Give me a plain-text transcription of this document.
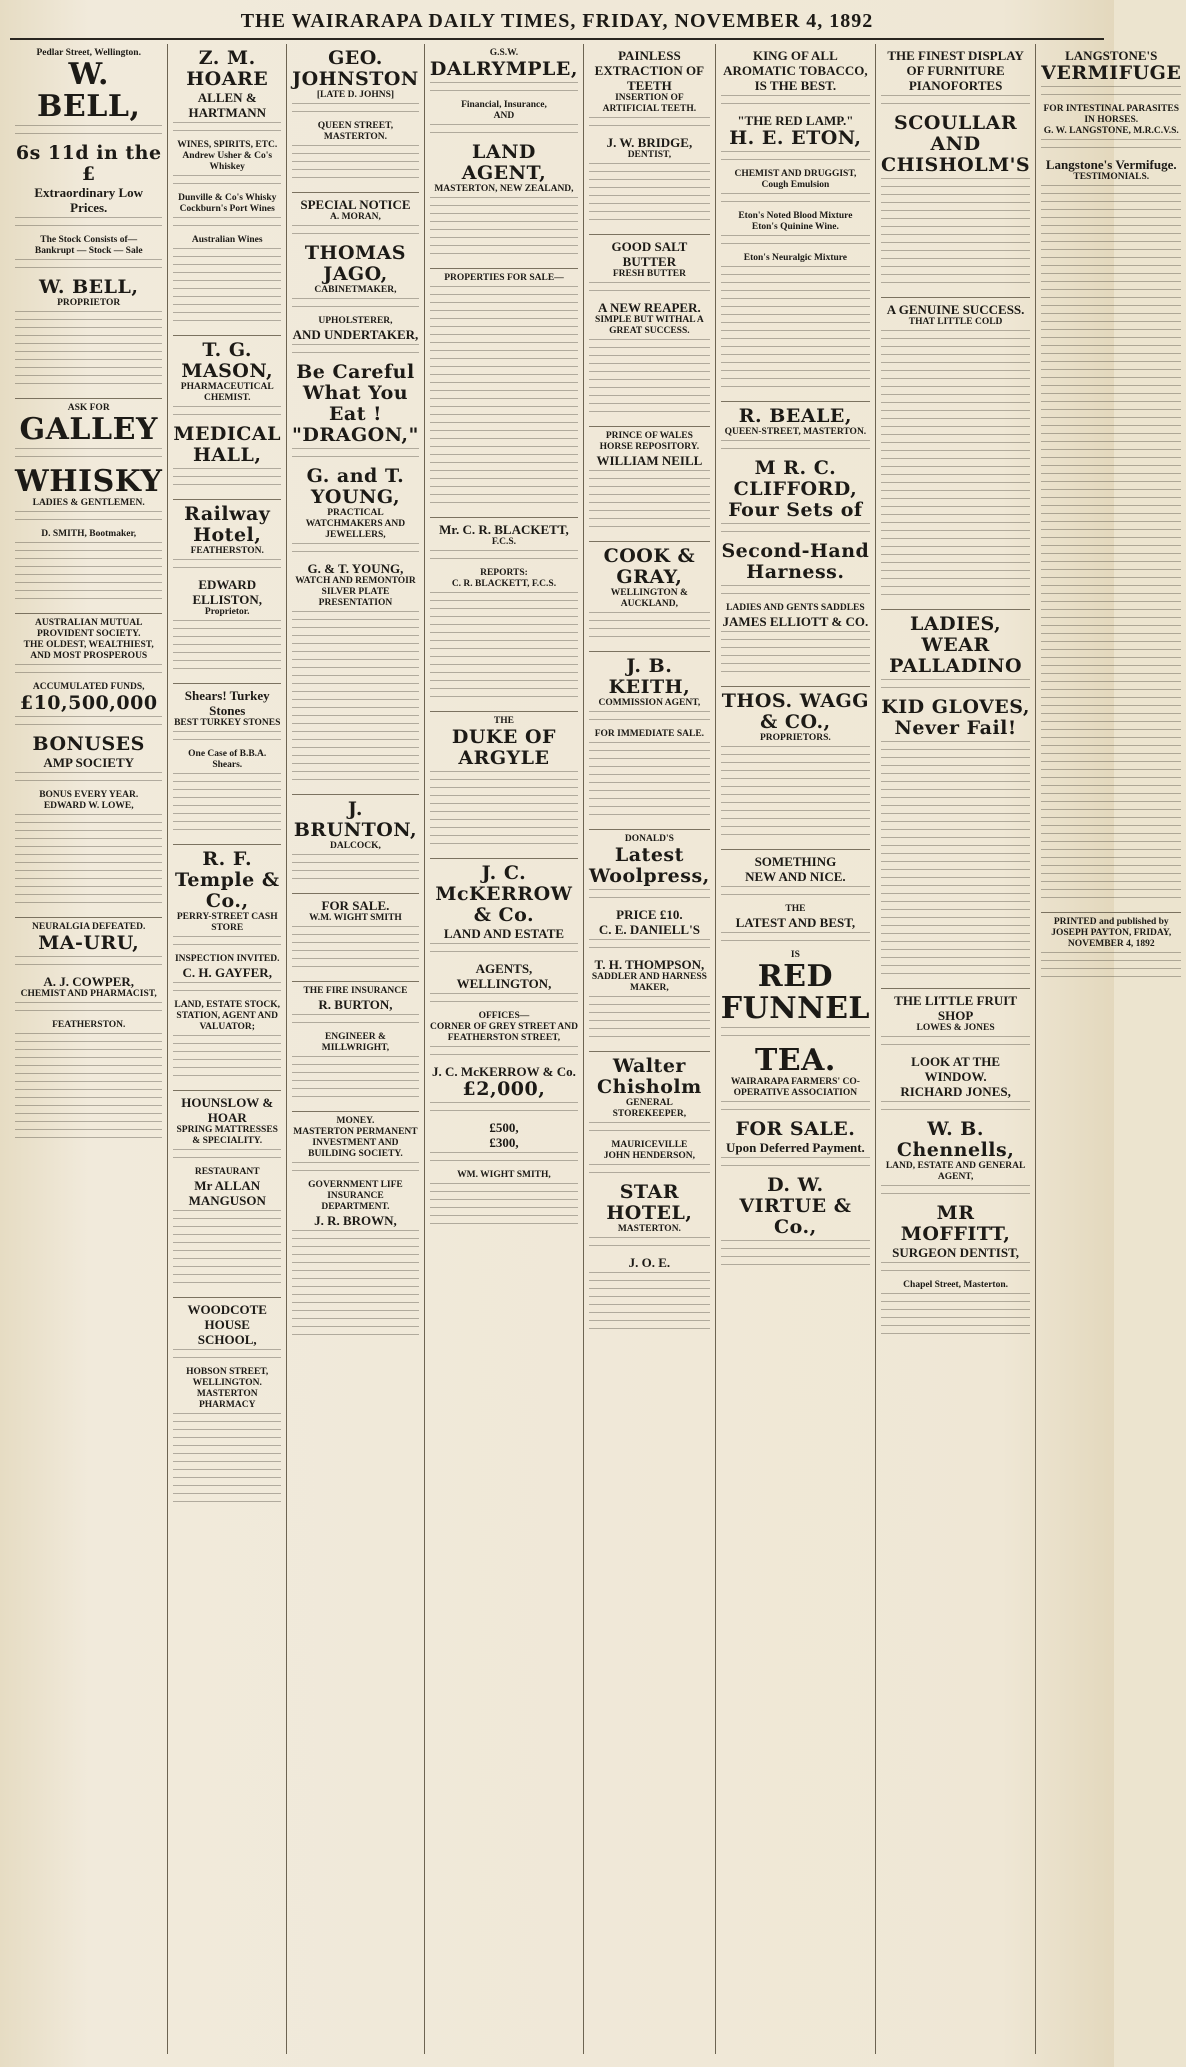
THE WAIRARAPA DAILY TIMES, FRIDAY, NOVEMBER 4, 1892
Pedlar Street, Wellington.
W. BELL,
6s 11d in the £
Extraordinary Low Prices.
The Stock Consists of—
Bankrupt — Stock — Sale
W. BELL,
PROPRIETOR
ASK FOR
GALLEY
WHISKY
LADIES & GENTLEMEN.
D. SMITH, Bootmaker,
AUSTRALIAN MUTUAL PROVIDENT SOCIETY.
THE OLDEST, WEALTHIEST, AND MOST PROSPEROUS
ACCUMULATED FUNDS,
£10,500,000
BONUSES
AMP SOCIETY
BONUS EVERY YEAR.
EDWARD W. LOWE,
NEURALGIA DEFEATED.
MA-URU,
A. J. COWPER,
CHEMIST AND PHARMACIST,
FEATHERSTON.
Z. M. HOARE
ALLEN & HARTMANN
WINES, SPIRITS, ETC.
Andrew Usher & Co's Whiskey
Dunville & Co's Whisky
Cockburn's Port Wines
Australian Wines
T. G. MASON,
PHARMACEUTICAL CHEMIST.
MEDICAL HALL,
Railway Hotel,
FEATHERSTON.
EDWARD ELLISTON,
Proprietor.
Shears! Turkey Stones
BEST TURKEY STONES
One Case of B.B.A. Shears.
R. F. Temple & Co.,
PERRY-STREET CASH STORE
INSPECTION INVITED.
C. H. GAYFER,
LAND, ESTATE STOCK, STATION, AGENT AND VALUATOR;
HOUNSLOW & HOAR
SPRING MATTRESSES & SPECIALITY.
RESTAURANT
Mr ALLAN MANGUSON
WOODCOTE HOUSE
SCHOOL,
HOBSON STREET, WELLINGTON.
MASTERTON PHARMACY
GEO. JOHNSTON
[LATE D. JOHNS]
QUEEN STREET, MASTERTON.
SPECIAL NOTICE
A. MORAN,
THOMAS JAGO,
CABINETMAKER,
UPHOLSTERER,
AND UNDERTAKER,
Be Careful What You Eat !
"DRAGON,"
G. and T. YOUNG,
PRACTICAL WATCHMAKERS AND JEWELLERS,
G. & T. YOUNG,
WATCH AND REMONTOIR SILVER PLATE PRESENTATION
J. BRUNTON,
DALCOCK,
FOR SALE.
W.M. WIGHT SMITH
THE FIRE INSURANCE
R. BURTON,
ENGINEER & MILLWRIGHT,
MONEY.
MASTERTON PERMANENT INVESTMENT AND BUILDING SOCIETY.
GOVERNMENT LIFE INSURANCE DEPARTMENT.
J. R. BROWN,
G.S.W.
DALRYMPLE,
Financial, Insurance,
AND
LAND AGENT,
MASTERTON, NEW ZEALAND,
PROPERTIES FOR SALE—
Mr. C. R. BLACKETT,
F.C.S.
REPORTS:
C. R. BLACKETT, F.C.S.
THE
DUKE OF ARGYLE
J. C. McKERROW & Co.
LAND AND ESTATE
AGENTS,
WELLINGTON,
OFFICES—
CORNER OF GREY STREET AND FEATHERSTON STREET,
J. C. McKERROW & Co.
£2,000,
£500,
£300,
WM. WIGHT SMITH,
PAINLESS EXTRACTION OF TEETH
INSERTION OF ARTIFICIAL TEETH.
J. W. BRIDGE,
DENTIST,
GOOD SALT BUTTER
FRESH BUTTER
A NEW REAPER.
SIMPLE BUT WITHAL A GREAT SUCCESS.
PRINCE OF WALES HORSE REPOSITORY.
WILLIAM NEILL
COOK & GRAY,
WELLINGTON & AUCKLAND,
J. B. KEITH,
COMMISSION AGENT,
FOR IMMEDIATE SALE.
DONALD'S
Latest Woolpress,
PRICE £10.
C. E. DANIELL'S
T. H. THOMPSON,
SADDLER AND HARNESS MAKER,
Walter Chisholm
GENERAL STOREKEEPER,
MAURICEVILLE
JOHN HENDERSON,
STAR HOTEL,
MASTERTON.
J. O. E.
KING OF ALL AROMATIC TOBACCO,
IS THE BEST.
"THE RED LAMP."
H. E. ETON,
CHEMIST AND DRUGGIST,
Cough Emulsion
Eton's Noted Blood Mixture
Eton's Quinine Wine.
Eton's Neuralgic Mixture
R. BEALE,
QUEEN-STREET, MASTERTON.
M R. C. CLIFFORD,
Four Sets of
Second-Hand
Harness.
LADIES AND GENTS SADDLES
JAMES ELLIOTT & CO.
THOS. WAGG & CO.,
PROPRIETORS.
SOMETHING
NEW AND NICE.
THE
LATEST AND BEST,
IS
RED FUNNEL
TEA.
WAIRARAPA FARMERS' CO-OPERATIVE ASSOCIATION
FOR SALE.
Upon Deferred Payment.
D. W. VIRTUE & Co.,
THE FINEST DISPLAY OF FURNITURE
PIANOFORTES
SCOULLAR AND CHISHOLM'S
A GENUINE SUCCESS.
THAT LITTLE COLD
LADIES, WEAR
PALLADINO
KID GLOVES,
Never Fail!
THE LITTLE FRUIT SHOP
LOWES & JONES
LOOK AT THE WINDOW.
RICHARD JONES,
W. B. Chennells,
LAND, ESTATE AND GENERAL AGENT,
MR MOFFITT,
SURGEON DENTIST,
Chapel Street, Masterton.
LANGSTONE'S
VERMIFUGE
FOR INTESTINAL PARASITES IN HORSES.
G. W. LANGSTONE, M.R.C.V.S.
Langstone's Vermifuge.
TESTIMONIALS.
PRINTED and published by JOSEPH PAYTON, FRIDAY, NOVEMBER 4, 1892
